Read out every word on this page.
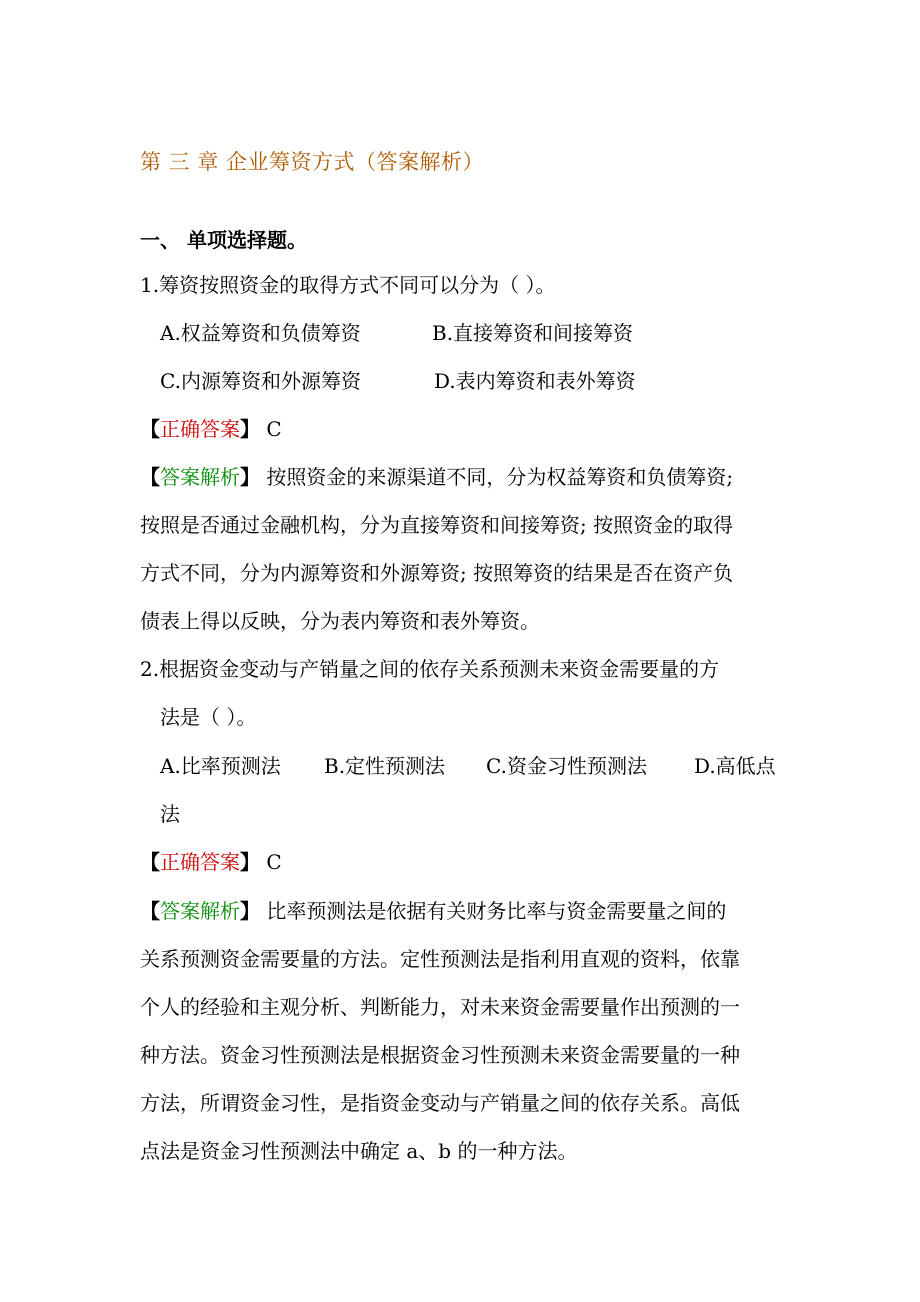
第 三 章 企业筹资方式（答案解析）
一、 单项选择题。
1.筹资按照资金的取得方式不同可以分为（ ）。
A.权益筹资和负债筹资	B.直接筹资和间接筹资
C.内源筹资和外源筹资	D.表内筹资和表外筹资
【正确答案】 C
【答案解析】 按照资金的来源渠道不同，分为权益筹资和负债筹资;
按照是否通过金融机构，分为直接筹资和间接筹资; 按照资金的取得
方式不同，分为内源筹资和外源筹资; 按照筹资的结果是否在资产负
债表上得以反映，分为表内筹资和表外筹资。
2.根据资金变动与产销量之间的依存关系预测未来资金需要量的方
法是（ ）。
A.比率预测法 B.定性预测法 C.资金习性预测法 D.高低点
法
【正确答案】 C
【答案解析】 比率预测法是依据有关财务比率与资金需要量之间的
关系预测资金需要量的方法。定性预测法是指利用直观的资料，依靠
个人的经验和主观分析、判断能力，对未来资金需要量作出预测的一
种方法。资金习性预测法是根据资金习性预测未来资金需要量的一种
方法，所谓资金习性，是指资金变动与产销量之间的依存关系。高低
点法是资金习性预测法中确定 a、b 的一种方法。
